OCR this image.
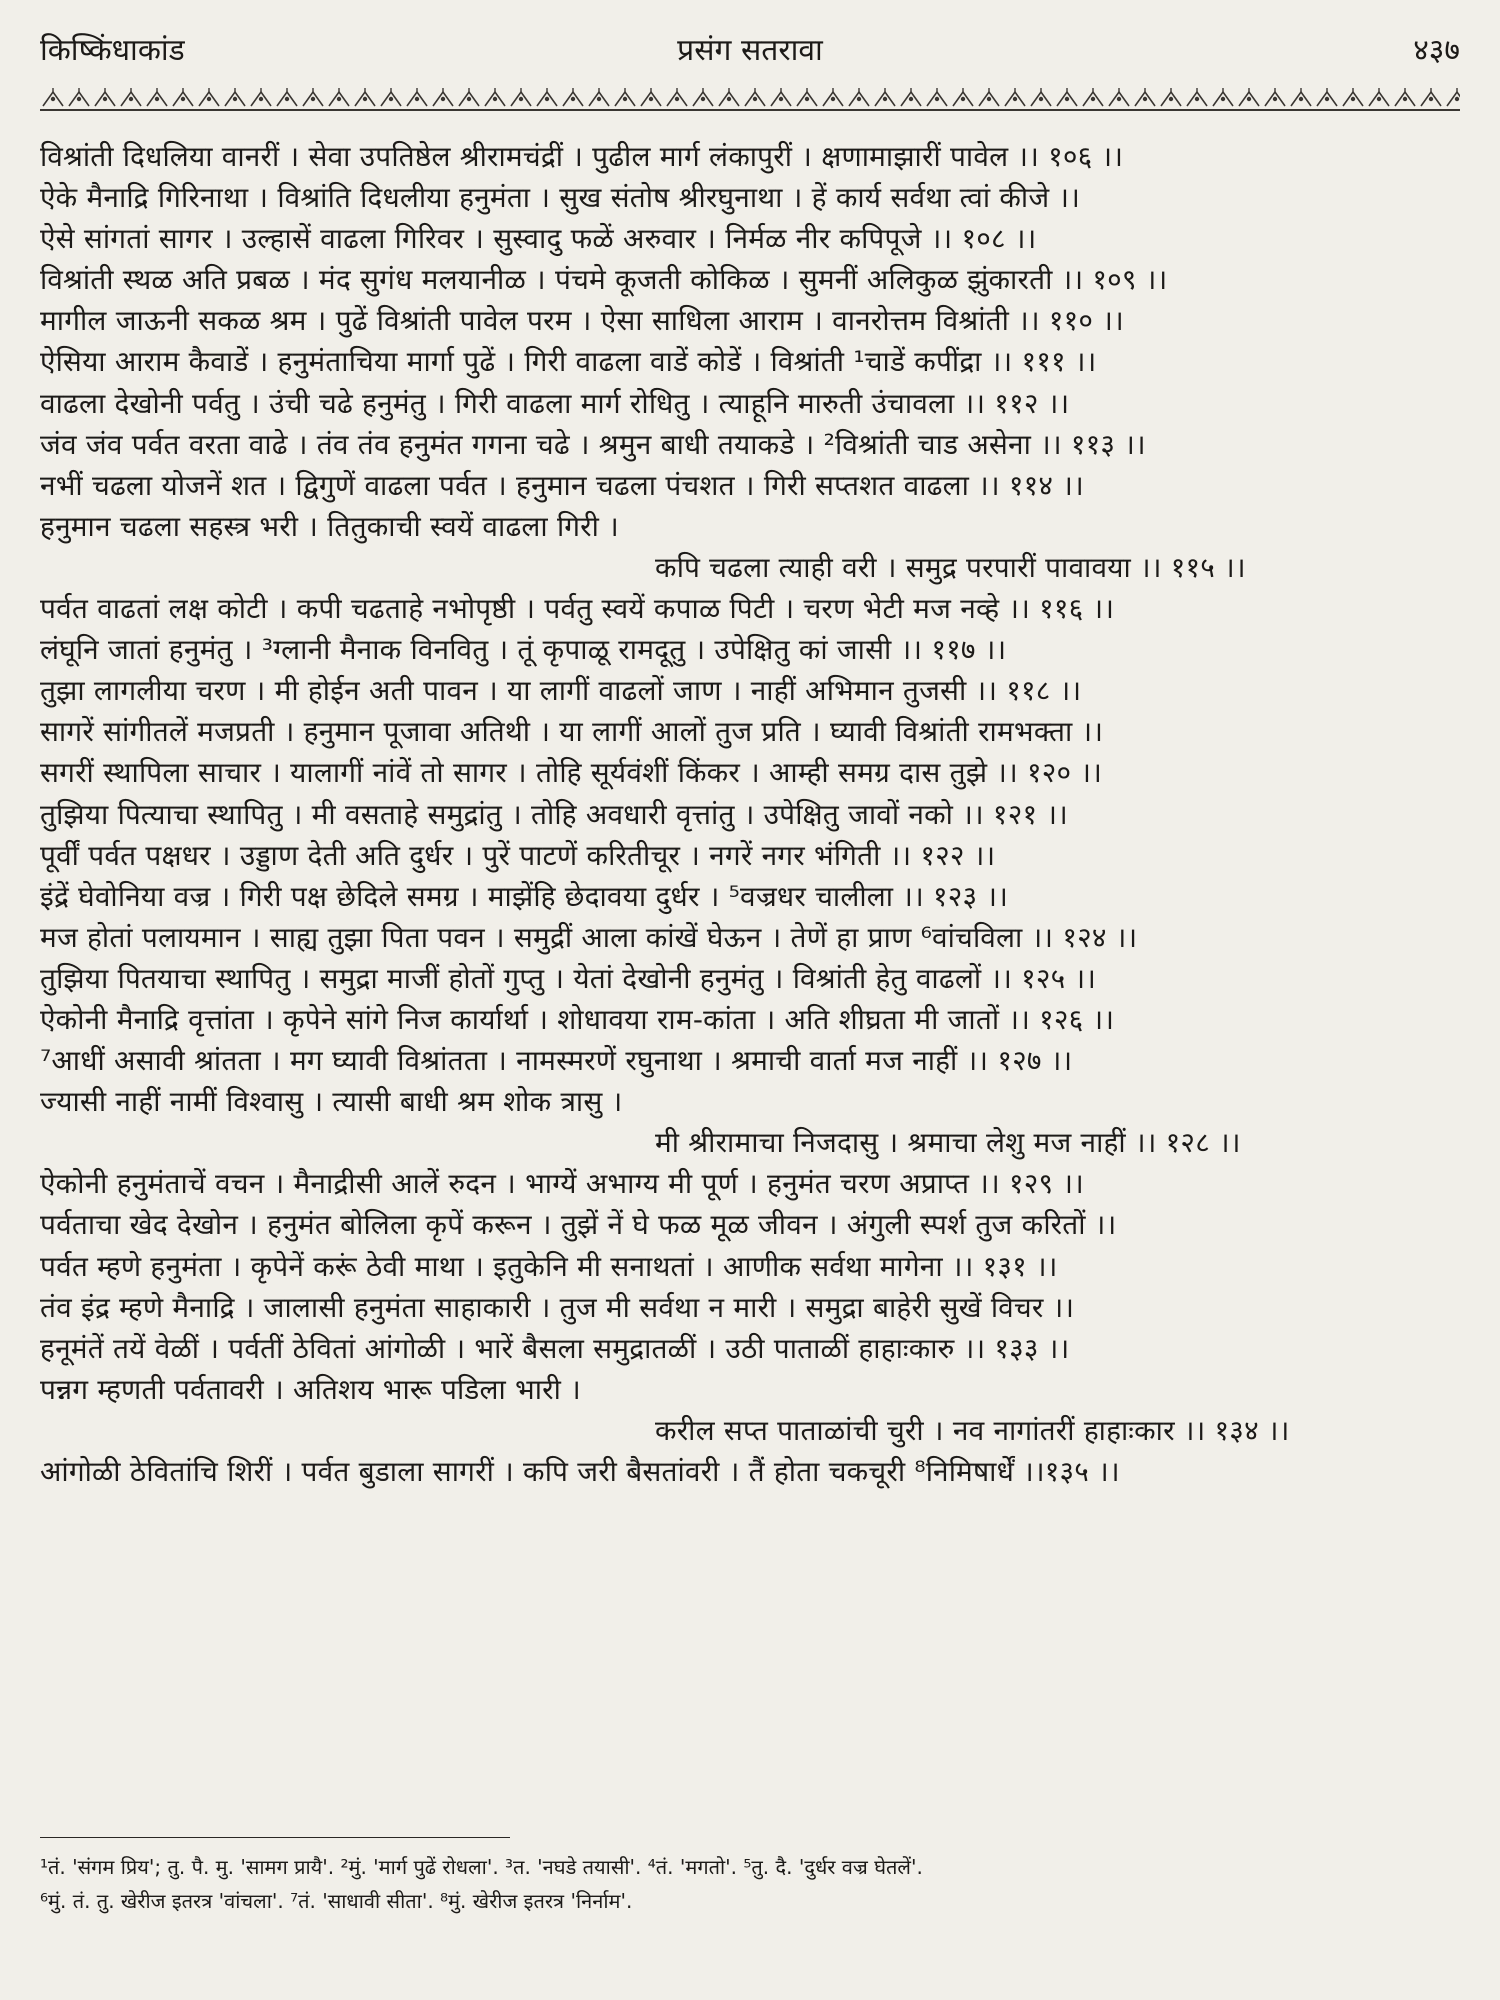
किष्किंधाकांड	प्रसंग सतरावा	४३७
विश्रांती दिधलिया वानरीं । सेवा उपतिष्ठेल श्रीरामचंद्रीं । पुढील मार्ग लंकापुरीं । क्षणामाझारीं पावेल ।। १०६ ।।
ऐके मैनाद्रि गिरिनाथा । विश्रांति दिधलीया हनुमंता । सुख संतोष श्रीरघुनाथा । हें कार्य सर्वथा त्वां कीजे ।।
ऐसे सांगतां सागर । उल्हासें वाढला गिरिवर । सुस्वादु फळें अरुवार । निर्मळ नीर कपिपूजे ।। १०८ ।।
विश्रांती स्थळ अति प्रबळ । मंद सुगंध मलयानीळ । पंचमे कूजती कोकिळ । सुमनीं अलिकुळ झुंकारती ।। १०९ ।।
मागील जाऊनी सकळ श्रम । पुढें विश्रांती पावेल परम । ऐसा साधिला आराम । वानरोत्तम विश्रांती ।। ११० ।।
ऐसिया आराम कैवाडें । हनुमंताचिया मार्गा पुढें । गिरी वाढला वाडें कोडें । विश्रांती ¹चाडें कपींद्रा ।। १११ ।।
वाढला देखोनी पर्वतु । उंची चढे हनुमंतु । गिरी वाढला मार्ग रोधितु । त्याहूनि मारुती उंचावला ।। ११२ ।।
जंव जंव पर्वत वरता वाढे । तंव तंव हनुमंत गगना चढे । श्रमुन बाधी तयाकडे । ²विश्रांती चाड असेना ।। ११३ ।।
नभीं चढला योजनें शत । द्विगुणें वाढला पर्वत । हनुमान चढला पंचशत । गिरी सप्तशत वाढला ।। ११४ ।।
हनुमान चढला सहस्त्र भरी । तितुकाची स्वयें वाढला गिरी ।
कपि चढला त्याही वरी । समुद्र परपारीं पावावया ।। ११५ ।।
पर्वत वाढतां लक्ष कोटी । कपी चढताहे नभोपृष्ठी । पर्वतु स्वयें कपाळ पिटी । चरण भेटी मज नव्हे ।। ११६ ।।
लंघूनि जातां हनुमंतु । ³ग्लानी मैनाक विनवितु । तूं कृपाळू रामदूतु । उपेक्षितु कां जासी ।। ११७ ।।
तुझा लागलीया चरण । मी होईन अती पावन । या लागीं वाढलों जाण । नाहीं अभिमान तुजसी ।। ११८ ।।
सागरें सांगीतलें मजप्रती । हनुमान पूजावा अतिथी । या लागीं आलों तुज प्रति । घ्यावी विश्रांती रामभक्ता ।।
सगरीं स्थापिला साचार । यालागीं नांवें तो सागर । तोहि सूर्यवंशीं किंकर । आम्ही समग्र दास तुझे ।। १२० ।।
तुझिया पित्याचा स्थापितु । मी वसताहे समुद्रांतु । तोहि अवधारी वृत्तांतु । उपेक्षितु जावों नको ।। १२१ ।।
पूर्वीं पर्वत पक्षधर । उड्डाण देती अति दुर्धर । पुरें पाटणें करितीचूर । नगरें नगर भंगिती ।। १२२ ।।
इंद्रें घेवोनिया वज्र । गिरी पक्ष छेदिले समग्र । माझेंहि छेदावया दुर्धर । ⁵वज्रधर चालीला ।। १२३ ।।
मज होतां पलायमान । साह्य तुझा पिता पवन । समुद्रीं आला कांखें घेऊन । तेणें हा प्राण ⁶वांचविला ।। १२४ ।।
तुझिया पितयाचा स्थापितु । समुद्रा माजीं होतों गुप्तु । येतां देखोनी हनुमंतु । विश्रांती हेतु वाढलों ।। १२५ ।।
ऐकोनी मैनाद्रि वृत्तांता । कृपेने सांगे निज कार्यार्था । शोधावया राम-कांता । अति शीघ्रता मी जातों ।। १२६ ।।
⁷आधीं असावी श्रांतता । मग घ्यावी विश्रांतता । नामस्मरणें रघुनाथा । श्रमाची वार्ता मज नाहीं ।। १२७ ।।
ज्यासी नाहीं नामीं विश्वासु । त्यासी बाधी श्रम शोक त्रासु ।
मी श्रीरामाचा निजदासु । श्रमाचा लेशु मज नाहीं ।। १२८ ।।
ऐकोनी हनुमंताचें वचन । मैनाद्रीसी आलें रुदन । भाग्यें अभाग्य मी पूर्ण । हनुमंत चरण अप्राप्त ।। १२९ ।।
पर्वताचा खेद देखोन । हनुमंत बोलिला कृपें करून । तुझें नें घे फळ मूळ जीवन । अंगुली स्पर्श तुज करितों ।।
पर्वत म्हणे हनुमंता । कृपेनें करूं ठेवी माथा । इतुकेनि मी सनाथतां । आणीक सर्वथा मागेना ।। १३१ ।।
तंव इंद्र म्हणे मैनाद्रि । जालासी हनुमंता साहाकारी । तुज मी सर्वथा न मारी । समुद्रा बाहेरी सुखें विचर ।।
हनूमंतें तयें वेळीं । पर्वतीं ठेवितां आंगोळी । भारें बैसला समुद्रातळीं । उठी पाताळीं हाहाःकारु ।। १३३ ।।
पन्नग म्हणती पर्वतावरी । अतिशय भारू पडिला भारी ।
करील सप्त पाताळांची चुरी । नव नागांतरीं हाहाःकार ।। १३४ ।।
आंगोळी ठेवितांचि शिरीं । पर्वत बुडाला सागरीं । कपि जरी बैसतांवरी । तैं होता चकचूरी ⁸निमिषार्धें ।।१३५ ।।
¹तं. 'संगम प्रिय'; तु. पै. मु. 'सामग प्रायै'. ²मुं. 'मार्ग पुढें रोधला'. ³त. 'नघडे तयासी'. ⁴तं. 'मगतो'. ⁵तु. दै. 'दुर्धर वज्र घेतलें'.
⁶मुं. तं. तु. खेरीज इतरत्र 'वांचला'. ⁷तं. 'साधावी सीता'. ⁸मुं. खेरीज इतरत्र 'निर्नाम'.
